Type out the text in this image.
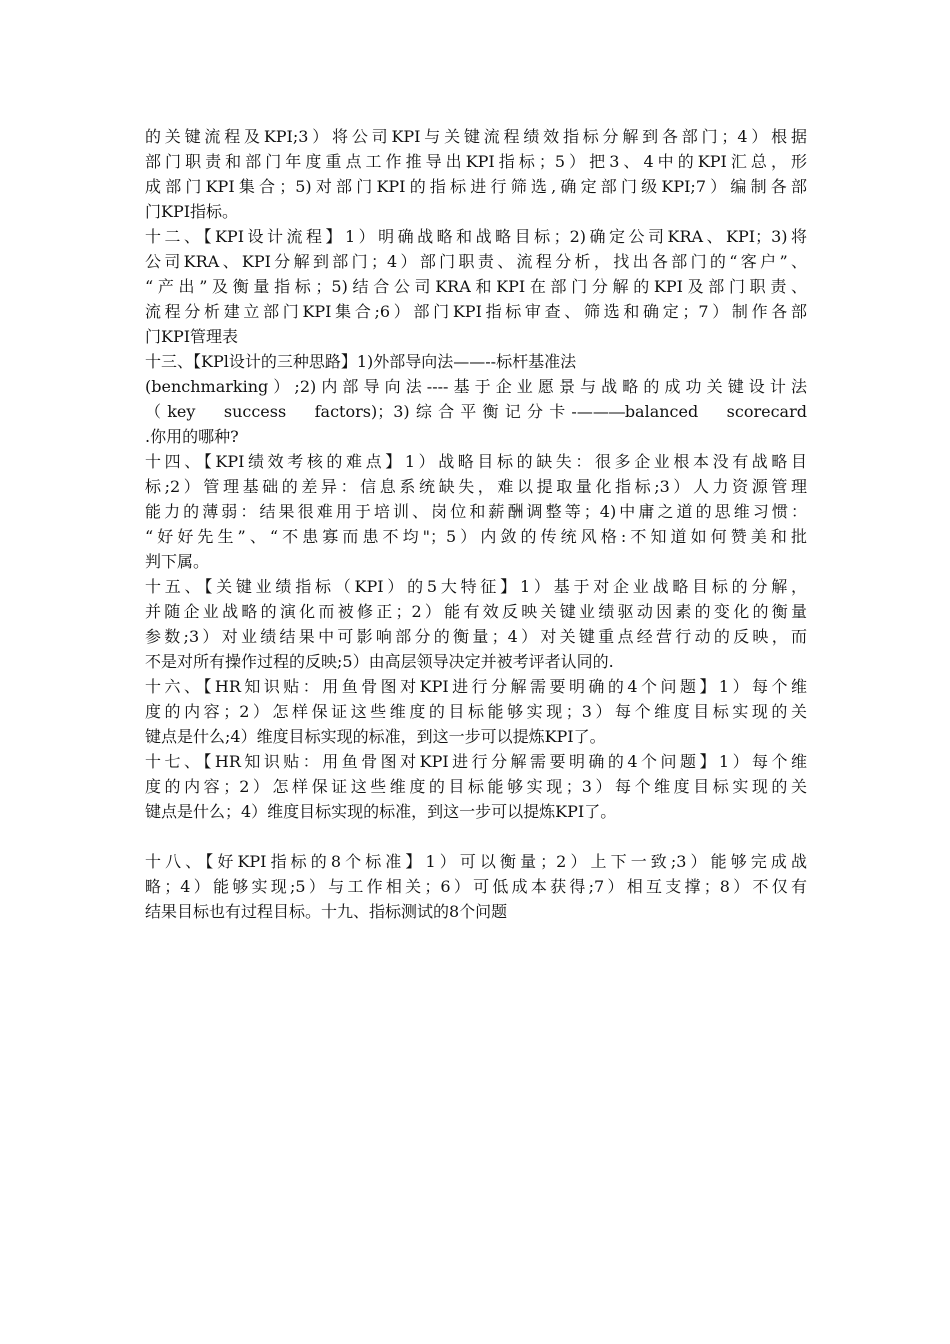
的关键流程及KPI;3）将公司KPI与关键流程绩效指标分解到各部门；4）根据
部门职责和部门年度重点工作推导出KPI指标；5）把3、4中的KPI汇总，形
成部门KPI集合；5)对部门KPI的指标进行筛选,确定部门级KPI;7）编制各部
门KPI指标。
十二、【KPI设计流程】1）明确战略和战略目标；2)确定公司KRA、KPI；3)将
公司KRA、KPI分解到部门；4）部门职责、流程分析，找出各部门的“客户”、
“产出”及衡量指标；5)结合公司KRA和KPI在部门分解的KPI及部门职责、
流程分析建立部门KPI集合;6）部门KPI指标审查、筛选和确定；7）制作各部
门KPI管理表
十三、【KPl设计的三种思路】1)外部导向法——--标杆基准法
(benchmarking）;2)内部导向法----基于企业愿景与战略的成功关键设计法
（key　success　factors)；3)综合平衡记分卡-——―balanced　scorecard
.你用的哪种?
十四、【KPI绩效考核的难点】1）战略目标的缺失：很多企业根本没有战略目
标;2）管理基础的差异：信息系统缺失，难以提取量化指标;3）人力资源管理
能力的薄弱：结果很难用于培训、岗位和薪酬调整等；4)中庸之道的思维习惯：
“好好先生”、“不患寡而患不均"；5）内敛的传统风格:不知道如何赞美和批
判下属。
十五、【关键业绩指标（KPI）的5大特征】1）基于对企业战略目标的分解，
并随企业战略的演化而被修正；2）能有效反映关键业绩驱动因素的变化的衡量
参数;3）对业绩结果中可影响部分的衡量；4）对关键重点经营行动的反映，而
不是对所有操作过程的反映;5）由高层领导决定并被考评者认同的.
十六、【HR知识贴：用鱼骨图对KPI进行分解需要明确的4个问题】1）每个维
度的内容；2）怎样保证这些维度的目标能够实现；3）每个维度目标实现的关
键点是什么;4）维度目标实现的标准，到这一步可以提炼KPI了。
十七、【HR知识贴：用鱼骨图对KPI进行分解需要明确的4个问题】1）每个维
度的内容；2）怎样保证这些维度的目标能够实现；3）每个维度目标实现的关
键点是什么；4）维度目标实现的标准，到这一步可以提炼KPI了。
十八、【好KPI指标的8个标准】1）可以衡量；2）上下一致;3）能够完成战
略；4）能够实现;5）与工作相关；6）可低成本获得;7）相互支撑；8）不仅有
结果目标也有过程目标。十九、指标测试的8个问题
